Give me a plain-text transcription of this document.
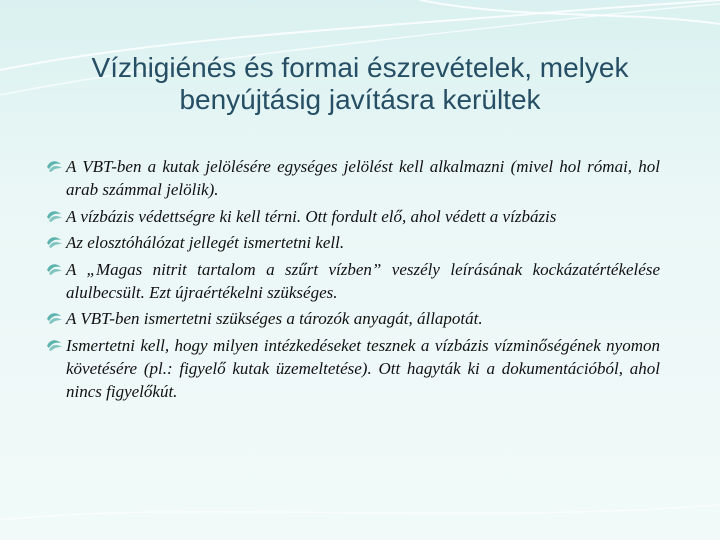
Vízhigiénés és formai észrevételek, melyek benyújtásig javításra kerültek
A VBT-ben a kutak jelölésére egységes jelölést kell alkalmazni (mivel hol római, hol arab számmal jelölik).
A vízbázis védettségre ki kell térni. Ott fordult elő, ahol védett a vízbázis
Az elosztóhálózat jellegét ismertetni kell.
A „Magas nitrit tartalom a szűrt vízben” veszély leírásának kockázatértékelése alulbecsült. Ezt újraértékelni szükséges.
A VBT-ben ismertetni szükséges a tározók anyagát, állapotát.
Ismertetni kell, hogy milyen intézkedéseket tesznek a vízbázis vízminőségének nyomon követésére (pl.: figyelő kutak üzemeltetése). Ott hagyták ki a dokumentációból, ahol nincs figyelőkút.
